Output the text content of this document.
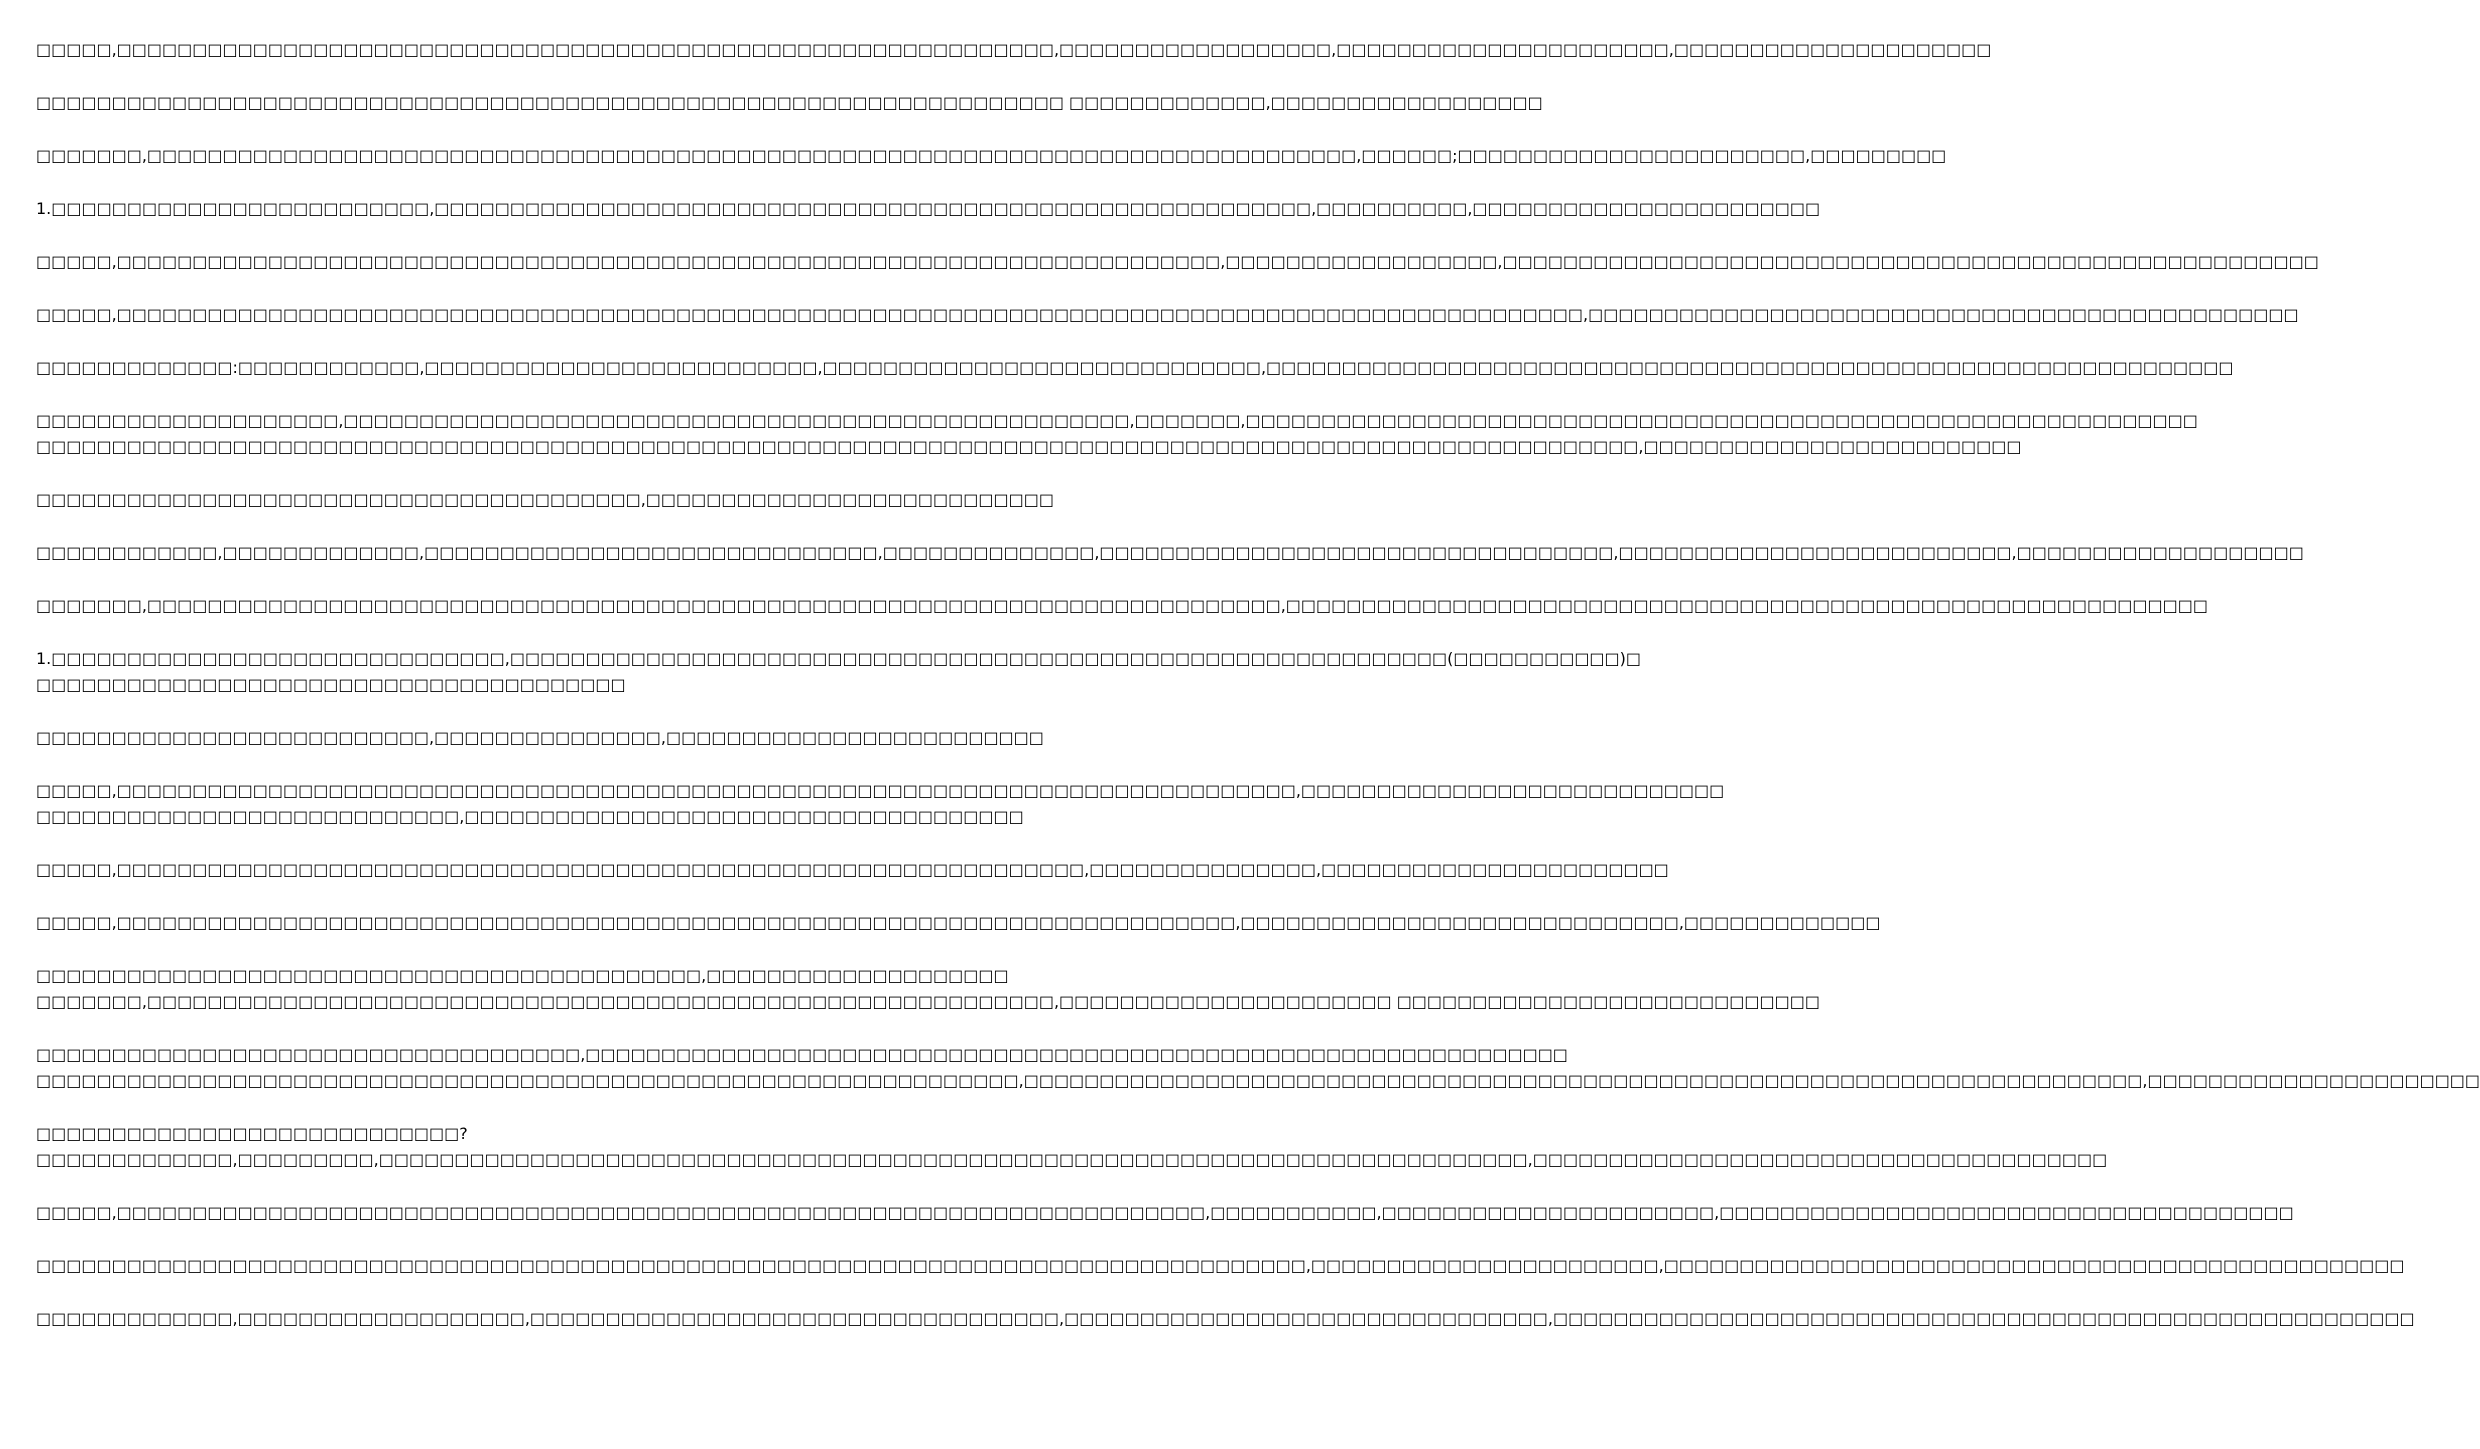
□□□□□,□□□□□□□□□□□□□□□□□□□□□□□□□□□□□□□□□□□□□□□□□□□□□□□□□□□□□□□□□□□□□□,□□□□□□□□□□□□□□□□□□,□□□□□□□□□□□□□□□□□□□□□□,□□□□□□□□□□□□□□□□□□□□□

□□□□□□□□□□□□□□□□□□□□□□□□□□□□□□□□□□□□□□□□□□□□□□□□□□□□□□□□□□□□□□□□□□□□ □□□□□□□□□□□□□,□□□□□□□□□□□□□□□□□□

□□□□□□□,□□□□□□□□□□□□□□□□□□□□□□□□□□□□□□□□□□□□□□□□□□□□□□□□□□□□□□□□□□□□□□□□□□□□□□□□□□□□□□□□,□□□□□□;□□□□□□□□□□□□□□□□□□□□□□□,□□□□□□□□□

1.□□□□□□□□□□□□□□□□□□□□□□□□□,□□□□□□□□□□□□□□□□□□□□□□□□□□□□□□□□□□□□□□□□□□□□□□□□□□□□□□□□□□,□□□□□□□□□□,□□□□□□□□□□□□□□□□□□□□□□□

□□□□□,□□□□□□□□□□□□□□□□□□□□□□□□□□□□□□□□□□□□□□□□□□□□□□□□□□□□□□□□□□□□□□□□□□□□□□□□□,□□□□□□□□□□□□□□□□□□,□□□□□□□□□□□□□□□□□□□□□□□□□□□□□□□□□□□□□□□□□□□□□□□□□□□□□□

□□□□□,□□□□□□□□□□□□□□□□□□□□□□□□□□□□□□□□□□□□□□□□□□□□□□□□□□□□□□□□□□□□□□□□□□□□□□□□□□□□□□□□□□□□□□□□□□□□□□□□□,□□□□□□□□□□□□□□□□□□□□□□□□□□□□□□□□□□□□□□□□□□□□□□□

□□□□□□□□□□□□□:□□□□□□□□□□□□,□□□□□□□□□□□□□□□□□□□□□□□□□□,□□□□□□□□□□□□□□□□□□□□□□□□□□□□□,□□□□□□□□□□□□□□□□□□□□□□□□□□□□□□□□□□□□□□□□□□□□□□□□□□□□□□□□□□□□□□□□

□□□□□□□□□□□□□□□□□□□□,□□□□□□□□□□□□□□□□□□□□□□□□□□□□□□□□□□□□□□□□□□□□□□□□□□□□,□□□□□□□,□□□□□□□□□□□□□□□□□□□□□□□□□□□□□□□□□□□□□□□□□□□□□□□□□□□□□□□□□□□□□□□
□□□□□□□□□□□□□□□□□□□□□□□□□□□□□□□□□□□□□□□□□□□□□□□□□□□□□□□□□□□□□□□□□□□□□□□□□□□□□□□□□□□□□□□□□□□□□□□□□□□□□□□□□□,□□□□□□□□□□□□□□□□□□□□□□□□□

□□□□□□□□□□□□□□□□□□□□□□□□□□□□□□□□□□□□□□□□,□□□□□□□□□□□□□□□□□□□□□□□□□□□

□□□□□□□□□□□□,□□□□□□□□□□□□□,□□□□□□□□□□□□□□□□□□□□□□□□□□□□□□,□□□□□□□□□□□□□□,□□□□□□□□□□□□□□□□□□□□□□□□□□□□□□□□□□,□□□□□□□□□□□□□□□□□□□□□□□□□□,□□□□□□□□□□□□□□□□□□□

□□□□□□□,□□□□□□□□□□□□□□□□□□□□□□□□□□□□□□□□□□□□□□□□□□□□□□□□□□□□□□□□□□□□□□□□□□□□□□□□□□□,□□□□□□□□□□□□□□□□□□□□□□□□□□□□□□□□□□□□□□□□□□□□□□□□□□□□□□□□□□□□□

1.□□□□□□□□□□□□□□□□□□□□□□□□□□□□□□,□□□□□□□□□□□□□□□□□□□□□□□□□□□□□□□□□□□□□□□□□□□□□□□□□□□□□□□□□□□□□□(□□□□□□□□□□□)□
□□□□□□□□□□□□□□□□□□□□□□□□□□□□□□□□□□□□□□□

□□□□□□□□□□□□□□□□□□□□□□□□□□,□□□□□□□□□□□□□□□,□□□□□□□□□□□□□□□□□□□□□□□□□

□□□□□,□□□□□□□□□□□□□□□□□□□□□□□□□□□□□□□□□□□□□□□□□□□□□□□□□□□□□□□□□□□□□□□□□□□□□□□□□□□□□□,□□□□□□□□□□□□□□□□□□□□□□□□□□□□
□□□□□□□□□□□□□□□□□□□□□□□□□□□□,□□□□□□□□□□□□□□□□□□□□□□□□□□□□□□□□□□□□□

□□□□□,□□□□□□□□□□□□□□□□□□□□□□□□□□□□□□□□□□□□□□□□□□□□□□□□□□□□□□□□□□□□□□□□,□□□□□□□□□□□□□□□,□□□□□□□□□□□□□□□□□□□□□□□

□□□□□,□□□□□□□□□□□□□□□□□□□□□□□□□□□□□□□□□□□□□□□□□□□□□□□□□□□□□□□□□□□□□□□□□□□□□□□□□□,□□□□□□□□□□□□□□□□□□□□□□□□□□□□□,□□□□□□□□□□□□□

□□□□□□□□□□□□□□□□□□□□□□□□□□□□□□□□□□□□□□□□□□□□,□□□□□□□□□□□□□□□□□□□□
□□□□□□□,□□□□□□□□□□□□□□□□□□□□□□□□□□□□□□□□□□□□□□□□□□□□□□□□□□□□□□□□□□□□,□□□□□□□□□□□□□□□□□□□□□□ □□□□□□□□□□□□□□□□□□□□□□□□□□□□

□□□□□□□□□□□□□□□□□□□□□□□□□□□□□□□□□□□□,□□□□□□□□□□□□□□□□□□□□□□□□□□□□□□□□□□□□□□□□□□□□□□□□□□□□□□□□□□□□□□□□□
□□□□□□□□□□□□□□□□□□□□□□□□□□□□□□□□□□□□□□□□□□□□□□□□□□□□□□□□□□□□□□□□□,□□□□□□□□□□□□□□□□□□□□□□□□□□□□□□□□□□□□□□□□□□□□□□□□□□□□□□□□□□□□□□□□□□□□□□□□□□,□□□□□□□□□□□□□□□□□□□□□□

□□□□□□□□□□□□□□□□□□□□□□□□□□□□?
□□□□□□□□□□□□□,□□□□□□□□□,□□□□□□□□□□□□□□□□□□□□□□□□□□□□□□□□□□□□□□□□□□□□□□□□□□□□□□□□□□□□□□□□□□□□□□□□□□□□,□□□□□□□□□□□□□□□□□□□□□□□□□□□□□□□□□□□□□□

□□□□□,□□□□□□□□□□□□□□□□□□□□□□□□□□□□□□□□□□□□□□□□□□□□□□□□□□□□□□□□□□□□□□□□□□□□□□□□,□□□□□□□□□□□,□□□□□□□□□□□□□□□□□□□□□□,□□□□□□□□□□□□□□□□□□□□□□□□□□□□□□□□□□□□□□

□□□□□□□□□□□□□□□□□□□□□□□□□□□□□□□□□□□□□□□□□□□□□□□□□□□□□□□□□□□□□□□□□□□□□□□□□□□□□□□□□□□□,□□□□□□□□□□□□□□□□□□□□□□□,□□□□□□□□□□□□□□□□□□□□□□□□□□□□□□□□□□□□□□□□□□□□□□□□□

□□□□□□□□□□□□□,□□□□□□□□□□□□□□□□□□□,□□□□□□□□□□□□□□□□□□□□□□□□□□□□□□□□□□□,□□□□□□□□□□□□□□□□□□□□□□□□□□□□□□□□,□□□□□□□□□□□□□□□□□□□□□□□□□□□□□□□□□□□□□□□□□□□□□□□□□□□□□□□□□
